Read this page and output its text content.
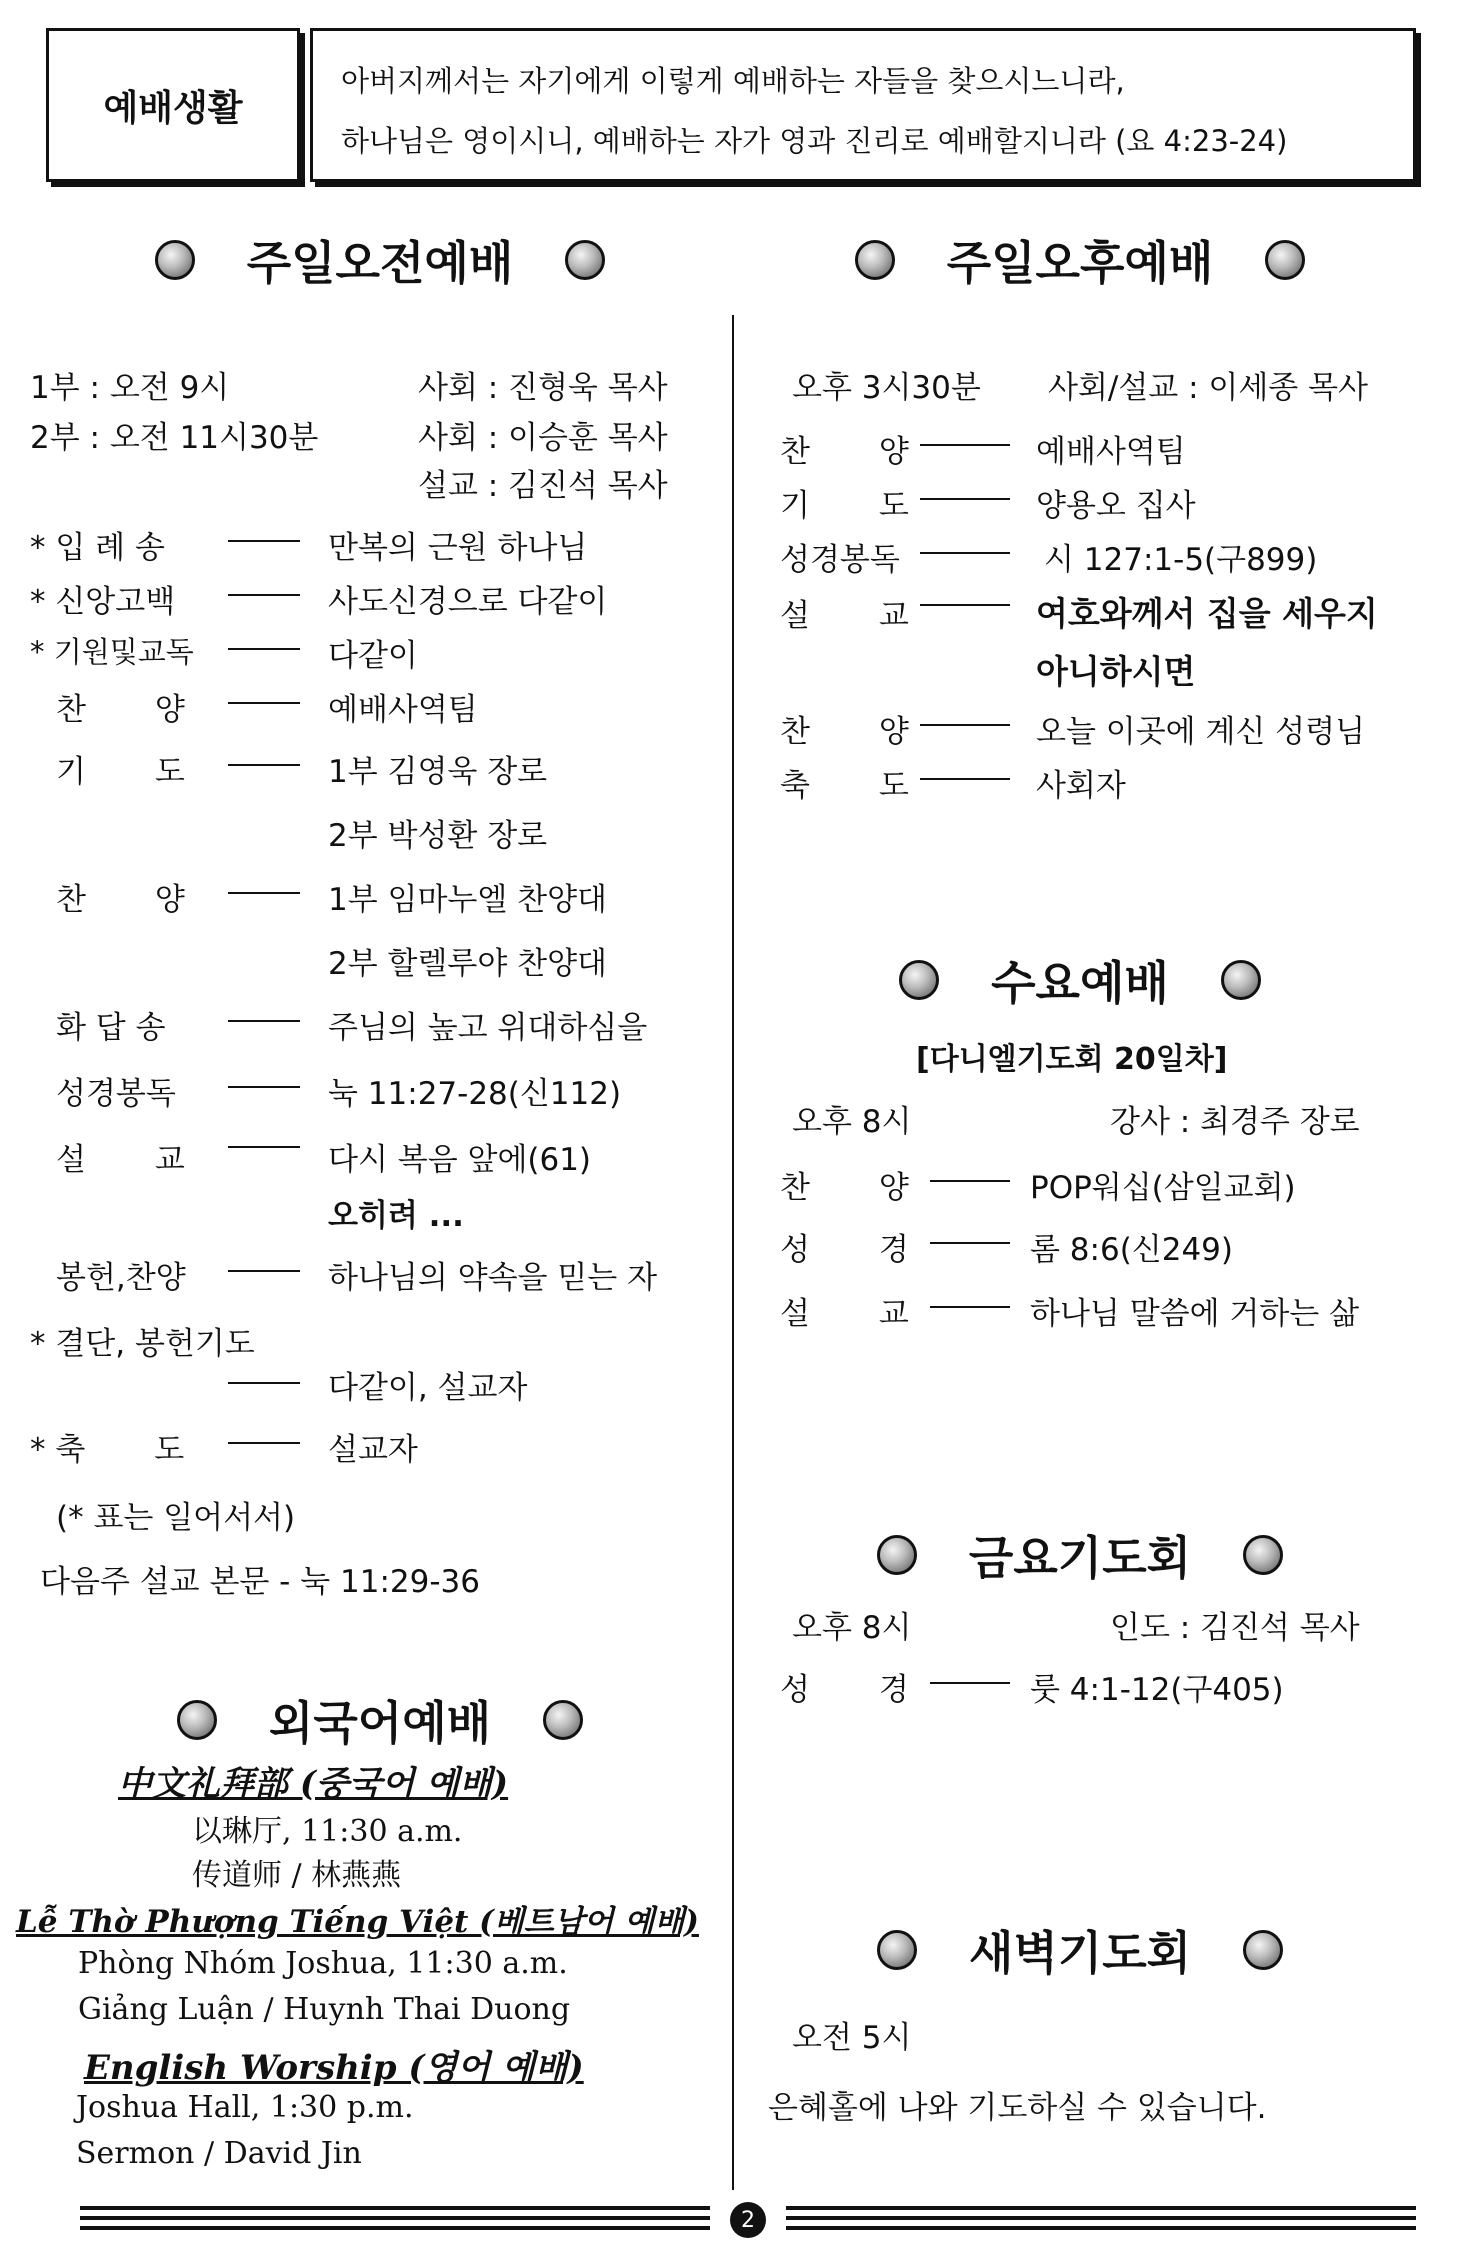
예배생활
아버지께서는 자기에게 이렇게 예배하는 자들을 찾으시느니라,
하나님은 영이시니, 예배하는 자가 영과 진리로 예배할지니라 (요 4:23-24)
주일오전예배	주일오후예배
1부 : 오전 9시	사회 : 진형욱 목사
2부 : 오전 11시30분	사회 : 이승훈 목사
설교 : 김진석 목사
* 입 례 송	만복의 근원 하나님
* 신앙고백	사도신경으로 다같이
* 기원및교독	다같이
찬       양	예배사역팀
기       도	1부 김영욱 장로
2부 박성환 장로
찬       양	1부 임마누엘 찬양대
2부 할렐루야 찬양대
화 답 송	주님의 높고 위대하심을
성경봉독	눅 11:27-28(신112)
설       교	다시 복음 앞에(61)
오히려 ...
봉헌,찬양	하나님의 약속을 믿는 자
* 결단, 봉헌기도
다같이, 설교자
* 축       도	설교자
(* 표는 일어서서)
다음주 설교 본문 - 눅 11:29-36
외국어예배
中文礼拜部 (중국어 예배)
以琳厅, 11:30 a.m.
传道师 / 林燕燕
Lễ Thờ Phượng Tiếng Việt (베트남어 예배)
Phòng Nhóm Joshua, 11:30 a.m.
Giảng Luận / Huynh Thai Duong
English Worship (영어 예배)
Joshua Hall, 1:30 p.m.
Sermon / David Jin
오후 3시30분 사회/설교 : 이세종 목사
찬       양	예배사역팀
기       도	양용오 집사
성경봉독	시 127:1-5(구899)
설       교	여호와께서 집을 세우지
아니하시면
찬       양	오늘 이곳에 계신 성령님
축       도	사회자
수요예배
[다니엘기도회 20일차]
오후 8시	강사 : 최경주 장로
찬       양	POP워십(삼일교회)
성       경	롬 8:6(신249)
설       교	하나님 말씀에 거하는 삶
금요기도회
오후 8시	인도 : 김진석 목사
성       경	룻 4:1-12(구405)
새벽기도회
오전 5시
은혜홀에 나와 기도하실 수 있습니다.
2
